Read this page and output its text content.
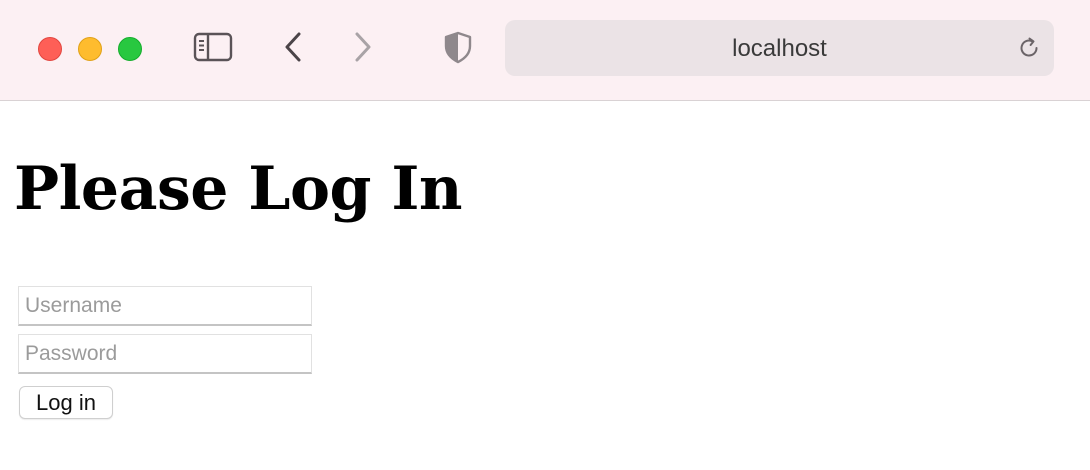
localhost
Please Log In
Username
Log in
